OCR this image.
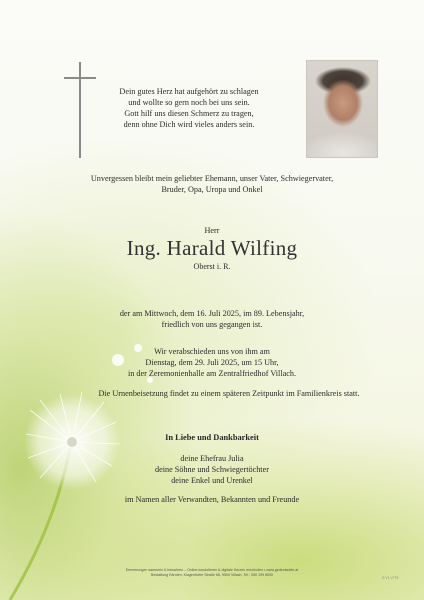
Dein gutes Herz hat aufgehört zu schlagen
und wolltе so gern noch bei uns sein.
Gott hilf uns diesen Schmerz zu tragen,
denn ohne Dich wird vieles anders sein.
Unvergessen bleibt mein geliebter Ehemann, unser Vater, Schwiegervater,
Bruder, Opa, Uropa und Onkel
Herr
Ing. Harald Wilfing
Oberst i. R.
der am Mittwoch, dem 16. Juli 2025, im 89. Lebensjahr,
friedlich von uns gegangen ist.
Wir verabschieden uns von ihm am
Dienstag, dem 29. Juli 2025, um 15 Uhr,
in der Zeremonienhalle am Zentralfriedhof Villach.
Die Urnenbeisetzung findet zu einem späteren Zeitpunkt im Familienkreis statt.
In Liebe und Dankbarkeit
deine Ehefrau Julia
deine Söhne und Schwiegertöchter
deine Enkel und Urenkel
im Namen aller Verwandten, Bekannten und Freunde
Erinnerungen sammeln & bewahren – Online kondolieren & digitale Kerzen entzünden • www.gedenkseite.at
Bestattung Kärnten, Klagenfurter Straße 66, 9500 Villach, Tel.: 050 199 8090
D V1 V776
